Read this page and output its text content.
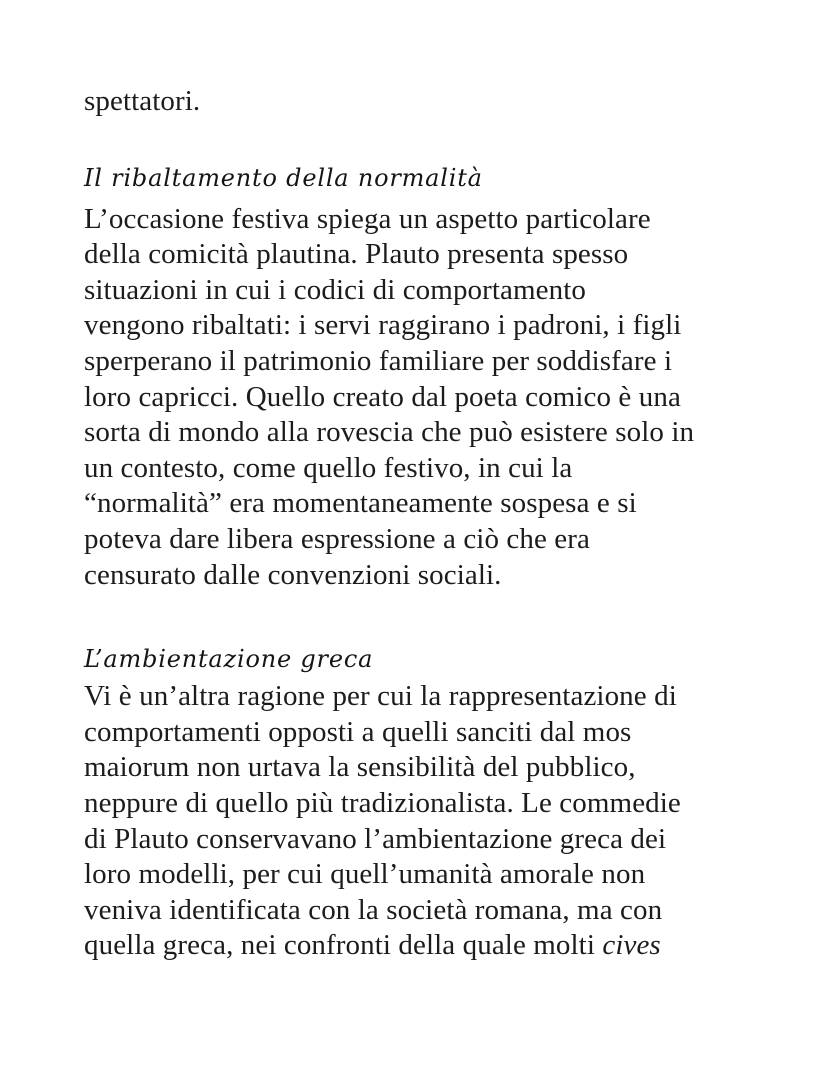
spettatori.
Il ribaltamento della normalità
L’occasione festiva spiega un aspetto particolare
della comicità plautina. Plauto presenta spesso
situazioni in cui i codici di comportamento
vengono ribaltati: i servi raggirano i padroni, i figli
sperperano il patrimonio familiare per soddisfare i
loro capricci. Quello creato dal poeta comico è una
sorta di mondo alla rovescia che può esistere solo in
un contesto, come quello festivo, in cui la
“normalità” era momentaneamente sospesa e si
poteva dare libera espressione a ciò che era
censurato dalle convenzioni sociali.
L’ambientazione greca
Vi è un’altra ragione per cui la rappresentazione di
comportamenti opposti a quelli sanciti dal mos
maiorum non urtava la sensibilità del pubblico,
neppure di quello più tradizionalista. Le commedie
di Plauto conservavano l’ambientazione greca dei
loro modelli, per cui quell’umanità amorale non
veniva identificata con la società romana, ma con
quella greca, nei confronti della quale molti cives
